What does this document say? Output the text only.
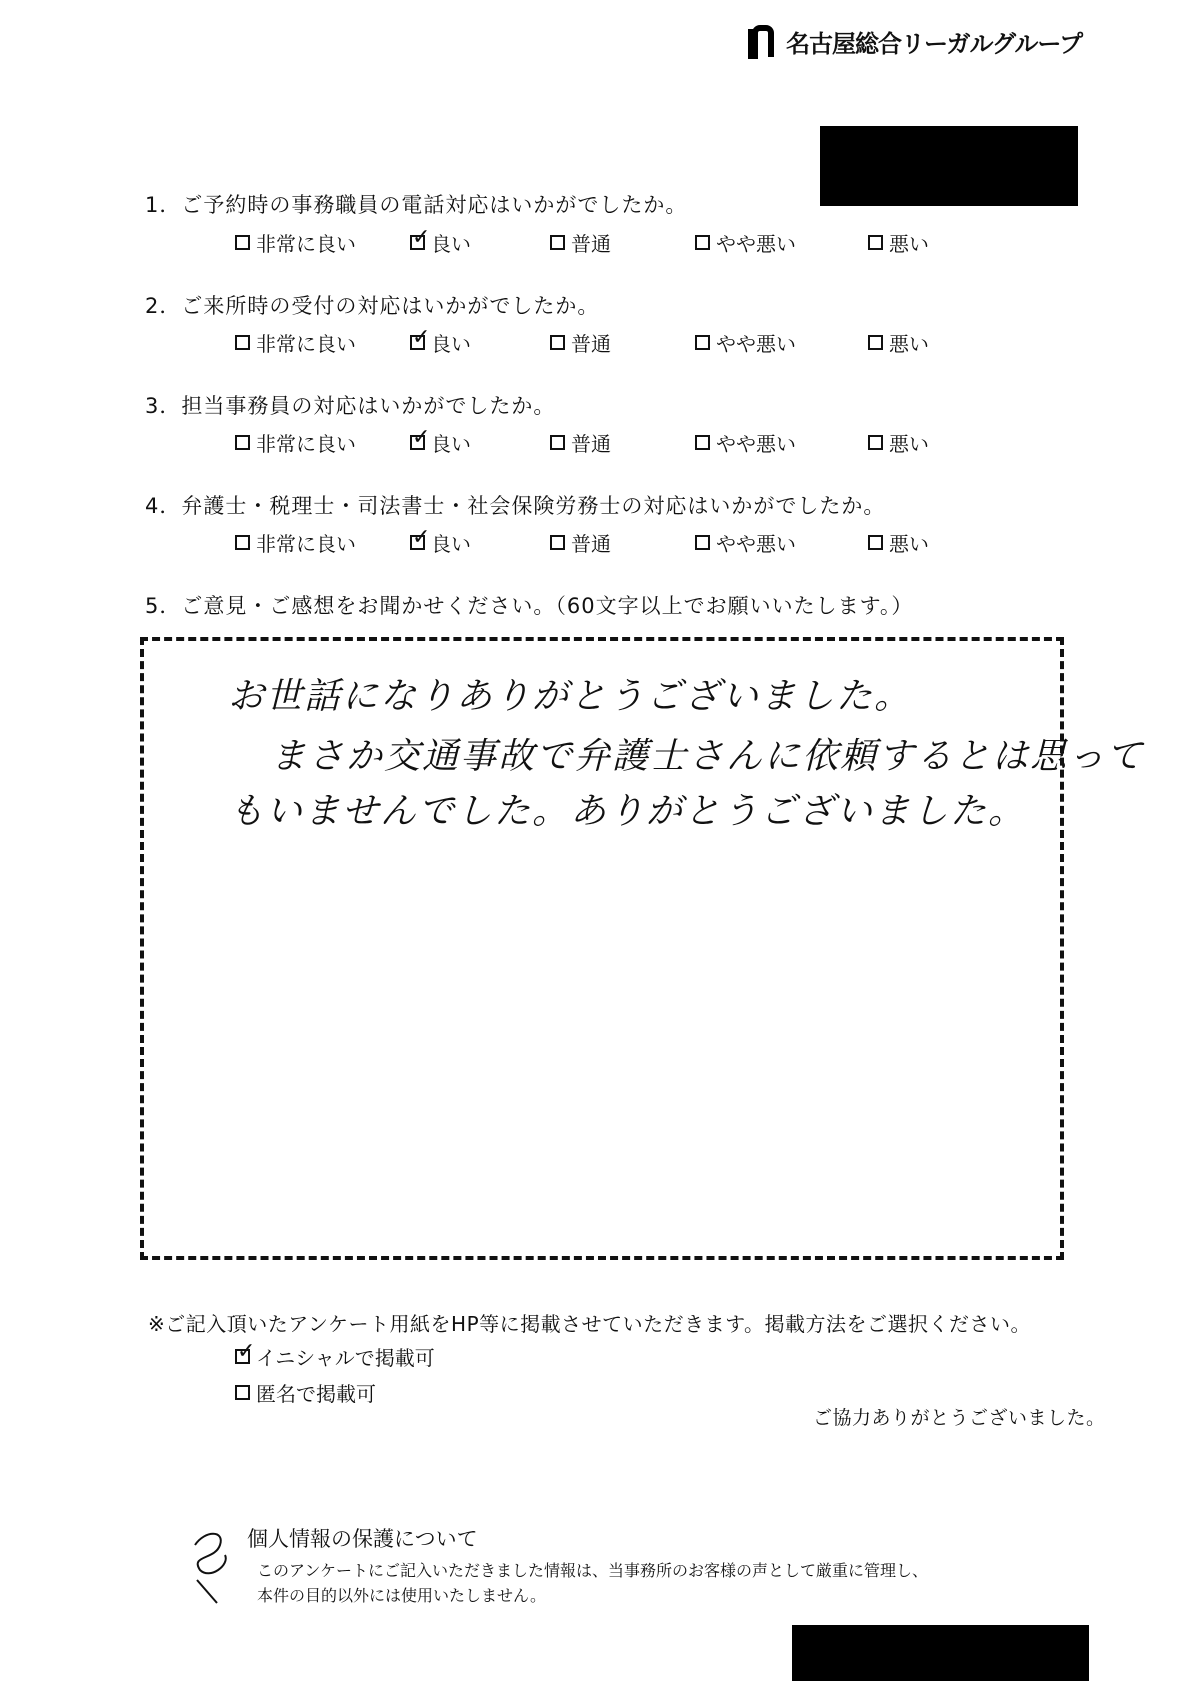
名古屋総合リーガルグループ
1．ご予約時の事務職員の電話対応はいかがでしたか。
非常に良い ✓	良い	普通	やや悪い	悪い
2．ご来所時の受付の対応はいかがでしたか。
非常に良い ✓	良い	普通	やや悪い	悪い
3．担当事務員の対応はいかがでしたか。
非常に良い ✓	良い	普通	やや悪い	悪い
4．弁護士・税理士・司法書士・社会保険労務士の対応はいかがでしたか。
非常に良い ✓	良い	普通	やや悪い	悪い
5．ご意見・ご感想をお聞かせください。（60文字以上でお願いいたします。）
お世話になりありがとうございました。
まさか交通事故で弁護士さんに依頼するとは思って
もいませんでした。ありがとうございました。
※ご記入頂いたアンケート用紙をHP等に掲載させていただきます。掲載方法をご選択ください。
✓
イニシャルで掲載可
匿名で掲載可
ご協力ありがとうございました。
個人情報の保護について
このアンケートにご記入いただきました情報は、当事務所のお客様の声として厳重に管理し、
本件の目的以外には使用いたしません。
